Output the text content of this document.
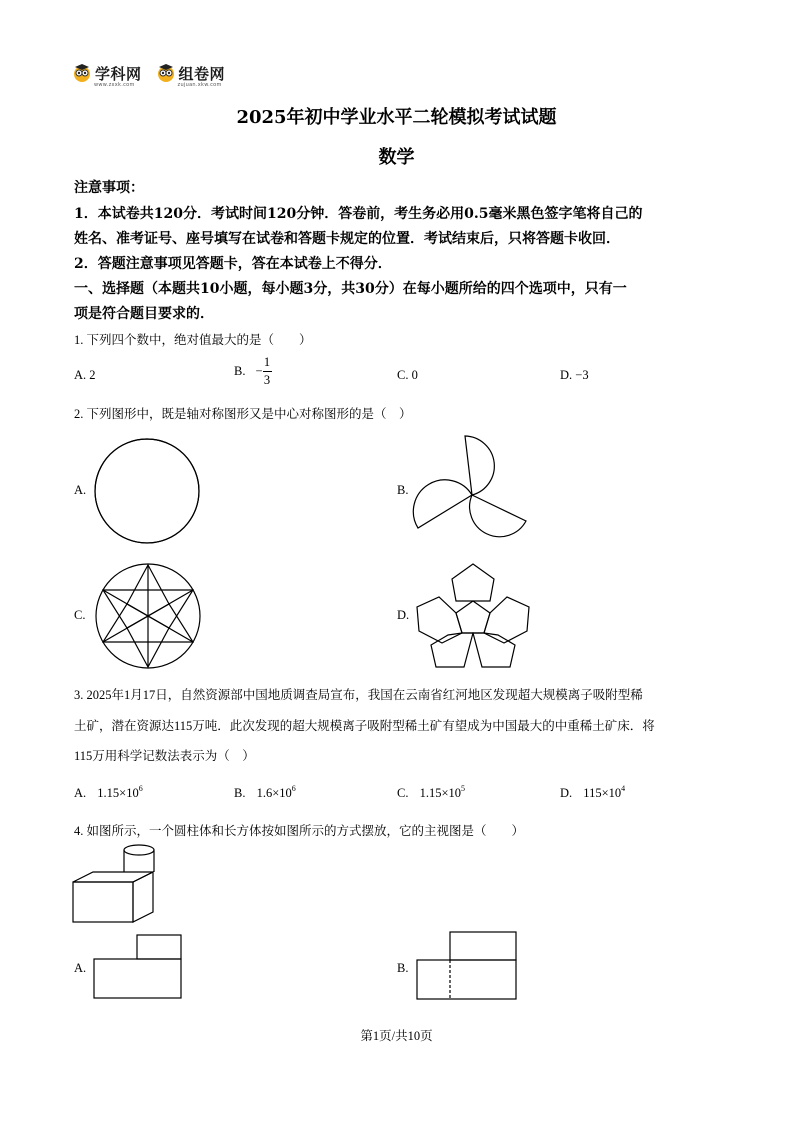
学科网
www.zxxk.com
组卷网
zujuan.xkw.com
2025年初中学业水平二轮模拟考试试题
数学
注意事项：
1．本试卷共120分．考试时间120分钟．答卷前，考生务必用0.5毫米黑色签字笔将自己的
姓名、准考证号、座号填写在试卷和答题卡规定的位置．考试结束后，只将答题卡收回．
2．答题注意事项见答题卡，答在本试卷上不得分．
一、选择题（本题共10小题，每小题3分，共30分）在每小题所给的四个选项中，只有一
项是符合题目要求的．
1. 下列四个数中，绝对值最大的是（　　）
A. 2	B. − $\frac{1}{3}$	C. 0	D. −3
2. 下列图形中，既是轴对称图形又是中心对称图形的是（　）
A.	B.
C.	D.
3. 2025年1月17日，自然资源部中国地质调查局宣布，我国在云南省红河地区发现超大规模离子吸附型稀
土矿，潜在资源达115万吨．此次发现的超大规模离子吸附型稀土矿有望成为中国最大的中重稀土矿床．将
115万用科学记数法表示为（　）
A. $1.15\times 10^6$	B. $1.6\times 10^6$	C. $1.15\times 10^5$	D. $115\times 10^4$
4. 如图所示，一个圆柱体和长方体按如图所示的方式摆放，它的主视图是（　　）
A.	B.
第1页/共10页
